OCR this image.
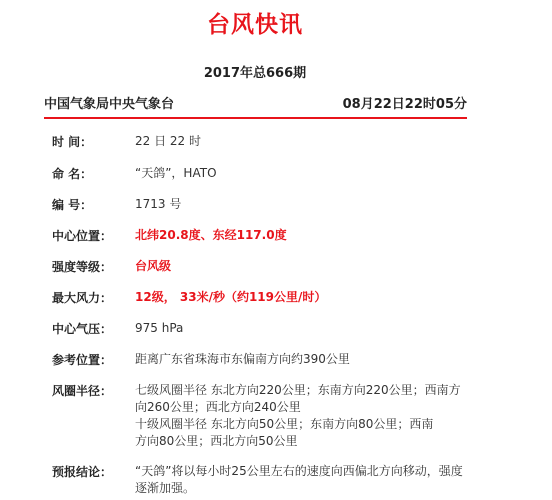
台风快讯
2017年总666期
中国气象局中央气象台	08月22日22时05分
时 间：	22 日 22 时
命 名：	“天鸽”，HATO
编 号：	1713 号
中心位置：	北纬20.8度、东经117.0度
强度等级：	台风级
最大风力：	12级， 33米/秒（约119公里/时）
中心气压：	975 hPa
参考位置：	距离广东省珠海市东偏南方向约390公里
风圈半径：	七级风圈半径 东北方向220公里；东南方向220公里；西南方
向260公里；西北方向240公里
十级风圈半径 东北方向50公里；东南方向80公里；西南
方向80公里；西北方向50公里
预报结论：	“天鸽”将以每小时25公里左右的速度向西偏北方向移动，强度
逐渐加强。
